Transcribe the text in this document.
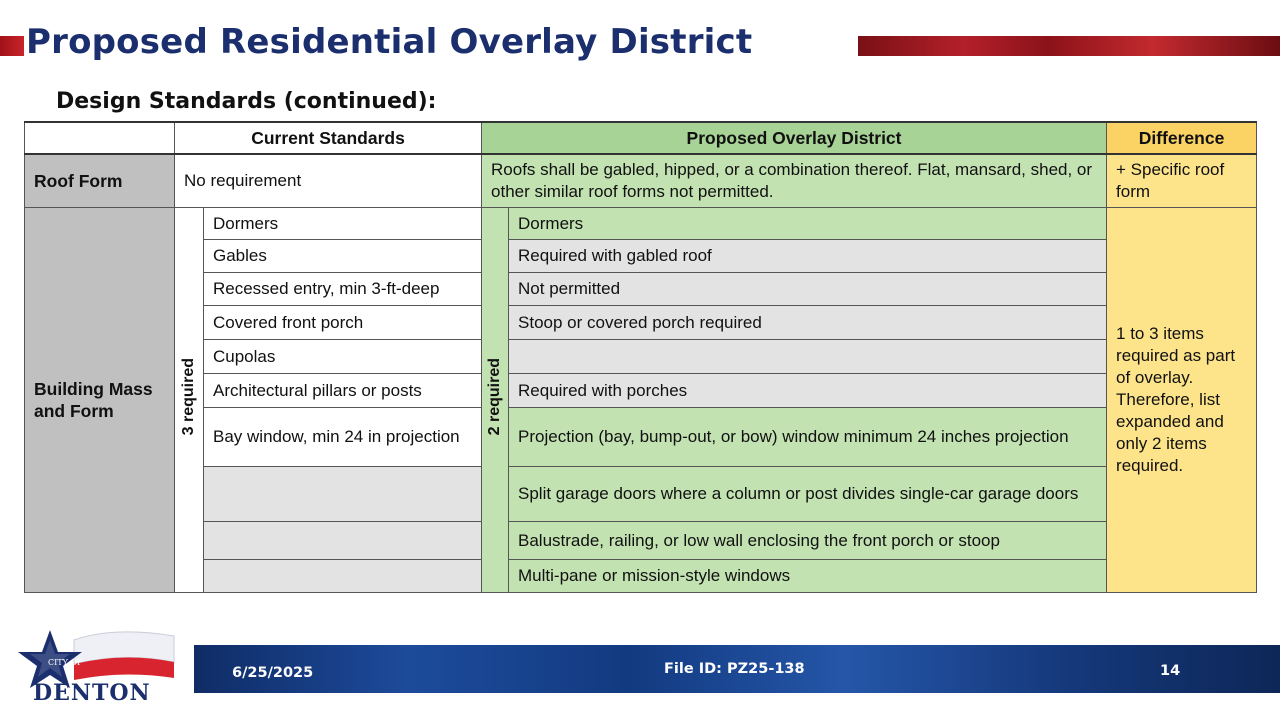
Proposed Residential Overlay District
Design Standards (continued):
	Current Standards		Proposed Overlay District		Difference
Roof Form	No requirement		Roofs shall be gabled, hipped, or a combination thereof. Flat, mansard, shed, or other similar roof forms not permitted.		+ Specific roof form
Building Mass and Form	3 required	Dormers	2 required	Dormers	1 to 3 items required as part of overlay. Therefore, list expanded and only 2 items required.
		Gables		Required with gabled roof	
		Recessed entry, min 3-ft-deep		Not permitted	
		Covered front porch		Stoop or covered porch required	
		Cupolas			
		Architectural pillars or posts		Required with porches	
		Bay window, min 24 in projection		Projection (bay, bump-out, or bow) window minimum 24 inches projection	
				Split garage doors where a column or post divides single-car garage doors	
				Balustrade, railing, or low wall enclosing the front porch or stoop	
				Multi-pane or mission-style windows	
6/25/2025	File ID: PZ25-138	14
CITY OF
DENTON
